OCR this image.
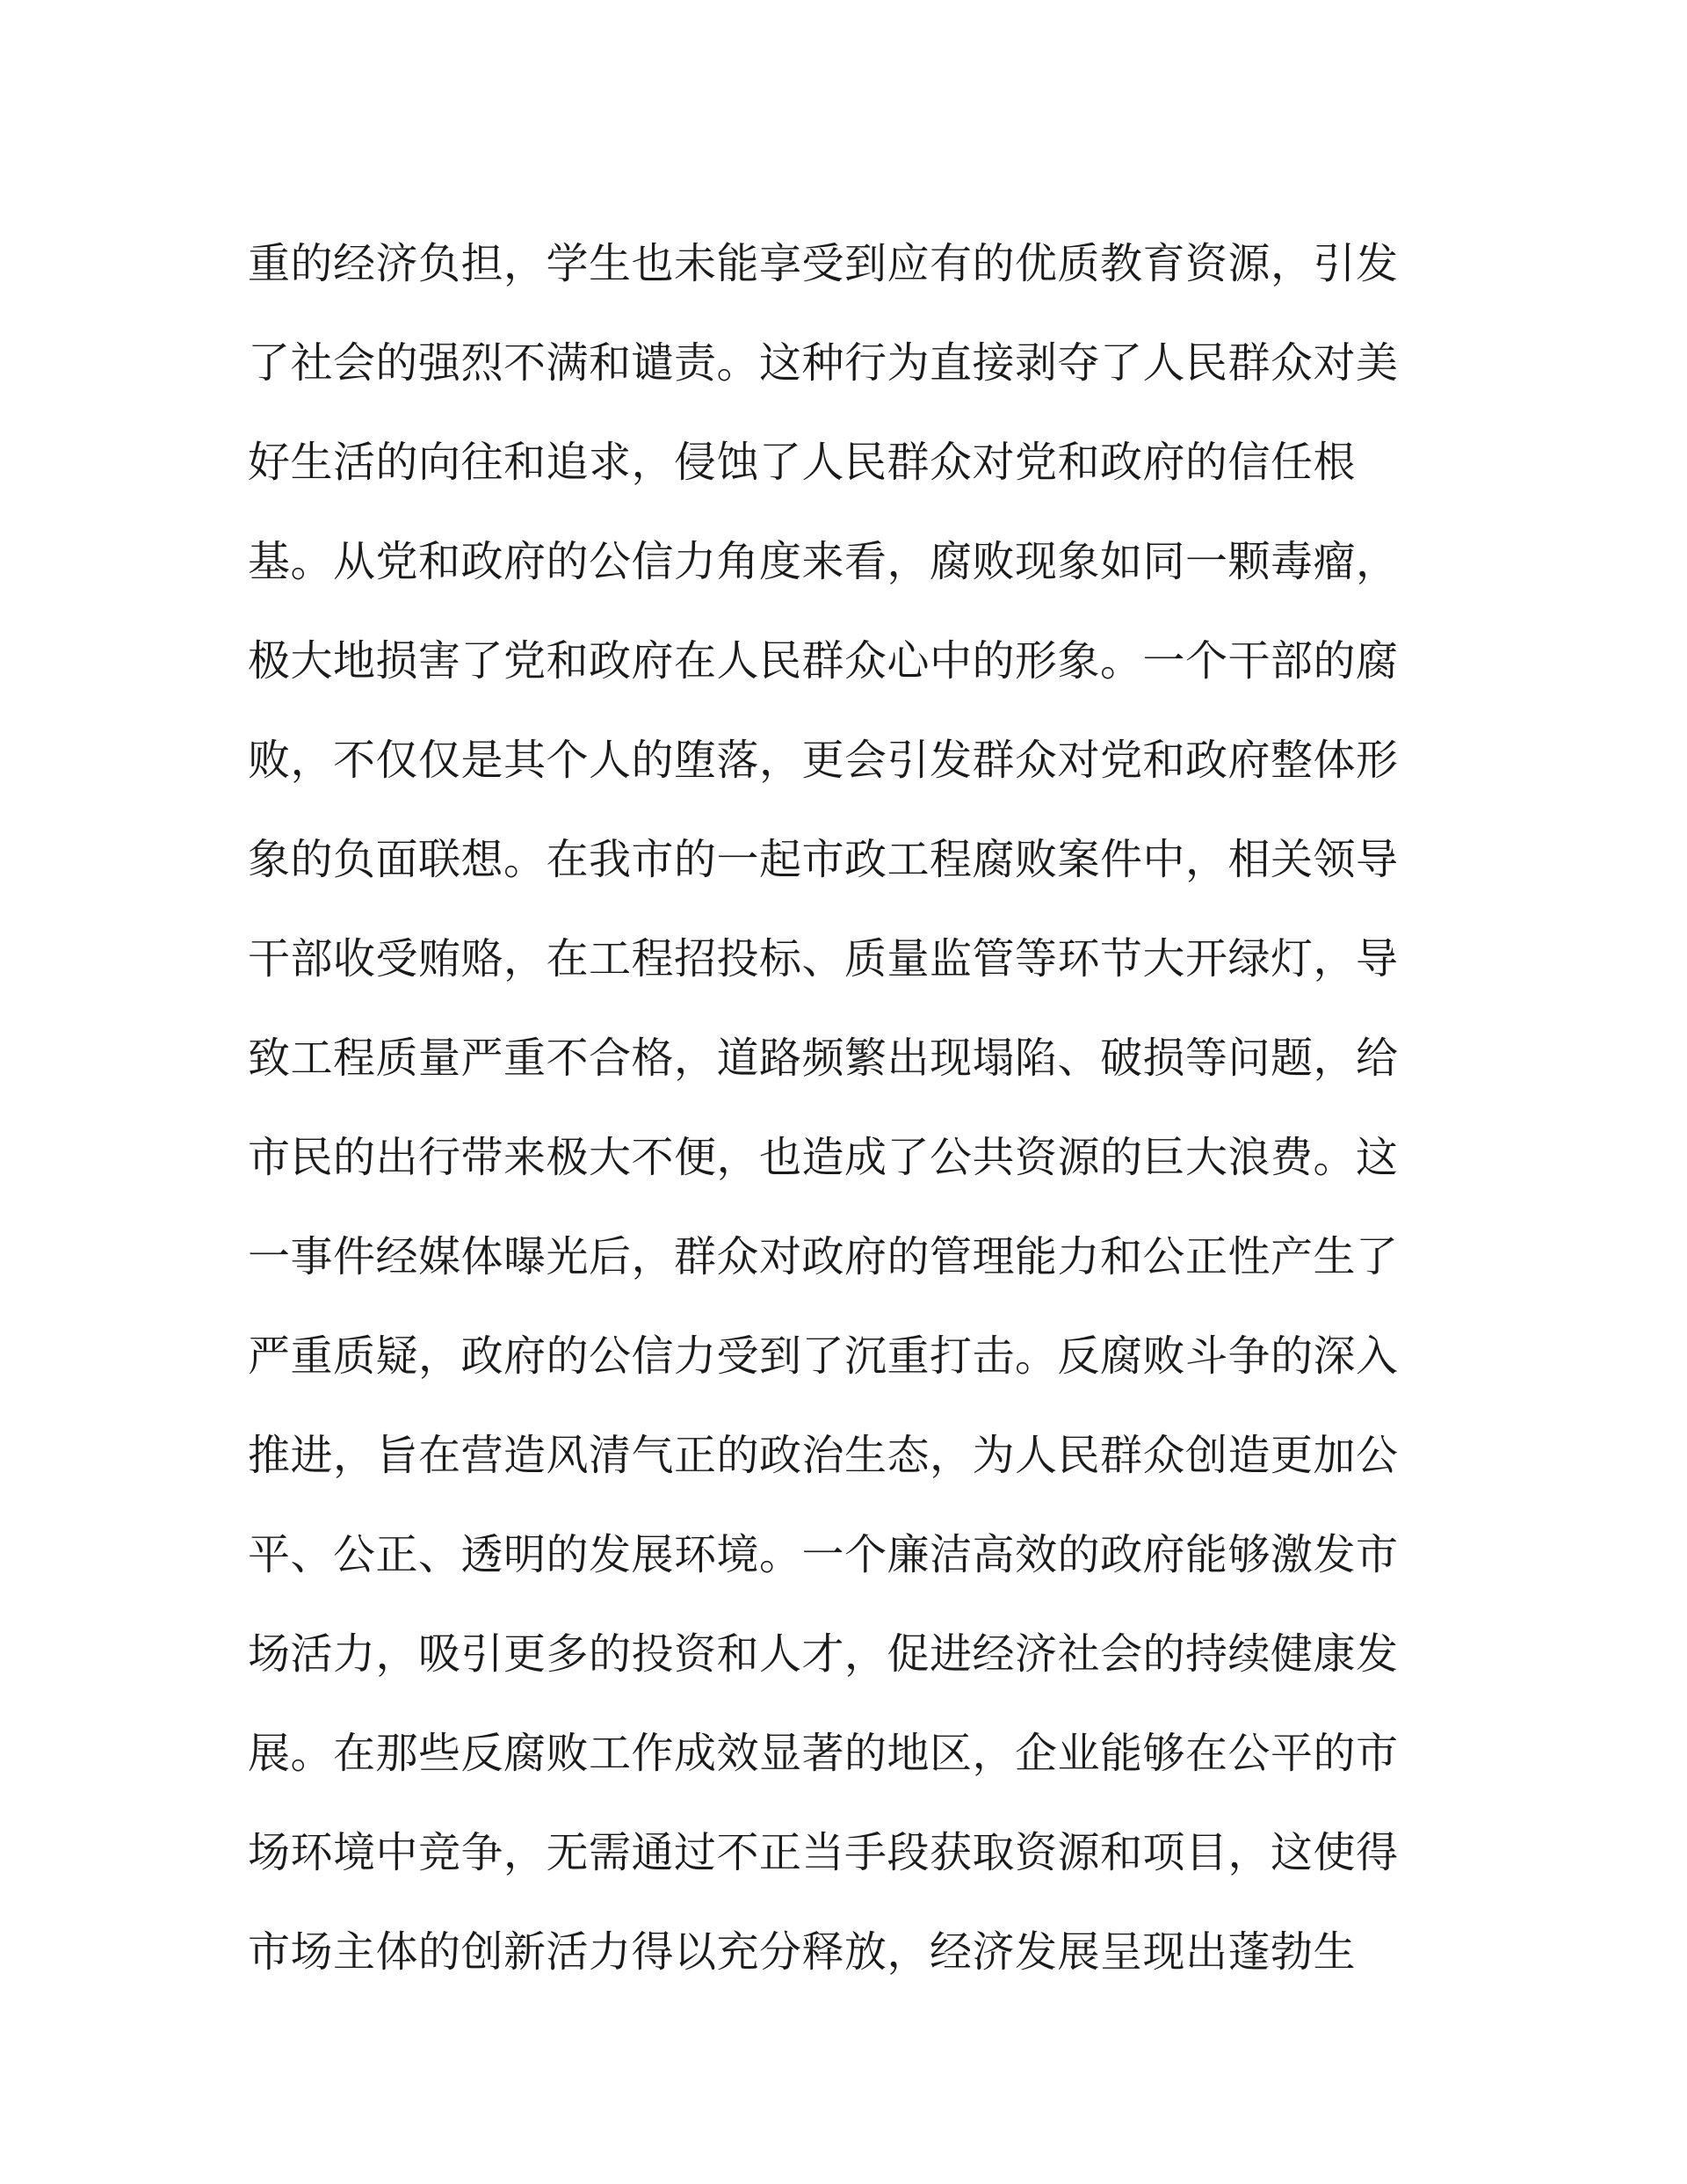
重的经济负担，学生也未能享受到应有的优质教育资源，引发
了社会的强烈不满和谴责。这种行为直接剥夺了人民群众对美
好生活的向往和追求，侵蚀了人民群众对党和政府的信任根
基。从党和政府的公信力角度来看，腐败现象如同一颗毒瘤，
极大地损害了党和政府在人民群众心中的形象。一个干部的腐
败，不仅仅是其个人的堕落，更会引发群众对党和政府整体形
象的负面联想。在我市的一起市政工程腐败案件中，相关领导
干部收受贿赂，在工程招投标、质量监管等环节大开绿灯，导
致工程质量严重不合格，道路频繁出现塌陷、破损等问题，给
市民的出行带来极大不便，也造成了公共资源的巨大浪费。这
一事件经媒体曝光后，群众对政府的管理能力和公正性产生了
严重质疑，政府的公信力受到了沉重打击。反腐败斗争的深入
推进，旨在营造风清气正的政治生态，为人民群众创造更加公
平、公正、透明的发展环境。一个廉洁高效的政府能够激发市
场活力，吸引更多的投资和人才，促进经济社会的持续健康发
展。在那些反腐败工作成效显著的地区，企业能够在公平的市
场环境中竞争，无需通过不正当手段获取资源和项目，这使得
市场主体的创新活力得以充分释放，经济发展呈现出蓬勃生
